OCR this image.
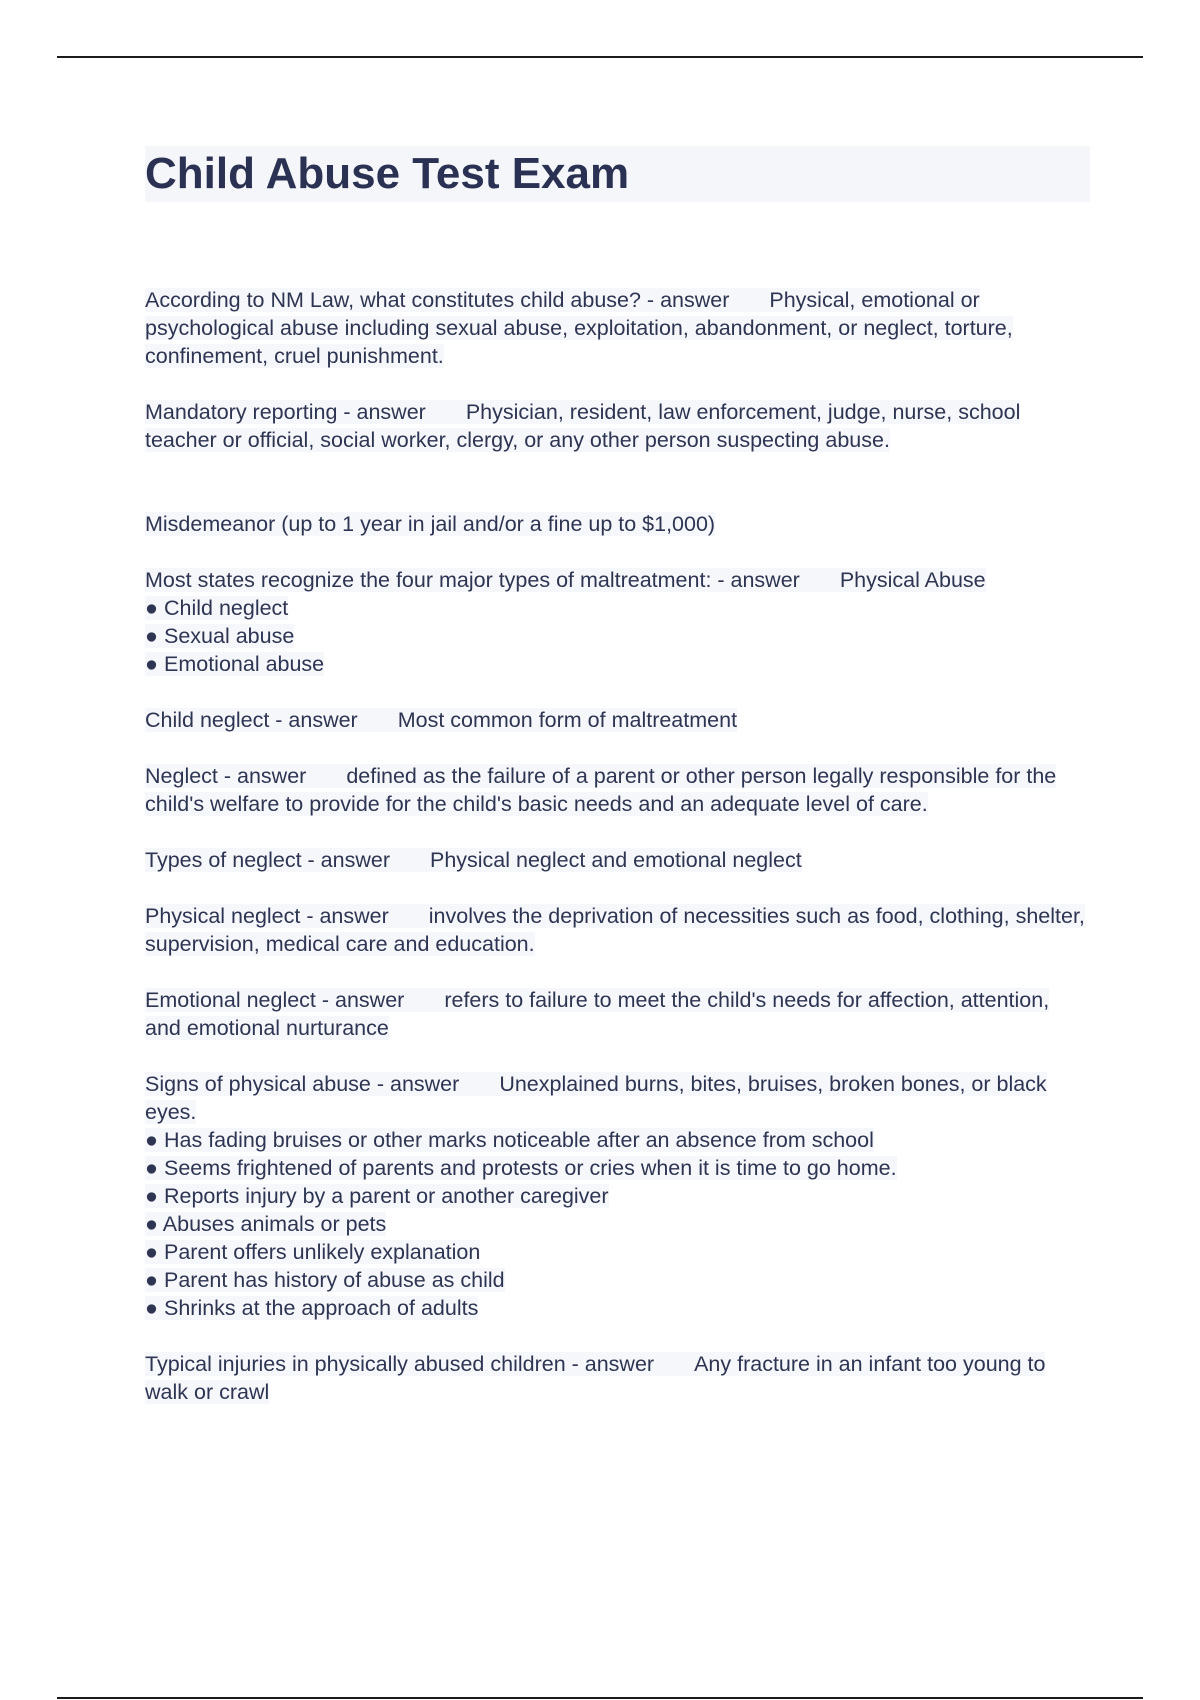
Child Abuse Test Exam

According to NM Law, what constitutes child abuse? - answer Physical, emotional or psychological abuse including sexual abuse, exploitation, abandonment, or neglect, torture, confinement, cruel punishment.

Mandatory reporting - answer Physician, resident, law enforcement, judge, nurse, school teacher or official, social worker, clergy, or any other person suspecting abuse.

Misdemeanor (up to 1 year in jail and/or a fine up to $1,000)

Most states recognize the four major types of maltreatment: - answer Physical Abuse
● Child neglect
● Sexual abuse
● Emotional abuse

Child neglect - answer Most common form of maltreatment

Neglect - answer defined as the failure of a parent or other person legally responsible for the child's welfare to provide for the child's basic needs and an adequate level of care.

Types of neglect - answer Physical neglect and emotional neglect

Physical neglect - answer involves the deprivation of necessities such as food, clothing, shelter, supervision, medical care and education.

Emotional neglect - answer refers to failure to meet the child's needs for affection, attention, and emotional nurturance

Signs of physical abuse - answer Unexplained burns, bites, bruises, broken bones, or black eyes.
● Has fading bruises or other marks noticeable after an absence from school
● Seems frightened of parents and protests or cries when it is time to go home.
● Reports injury by a parent or another caregiver
● Abuses animals or pets
● Parent offers unlikely explanation
● Parent has history of abuse as child
● Shrinks at the approach of adults

Typical injuries in physically abused children - answer Any fracture in an infant too young to walk or crawl
